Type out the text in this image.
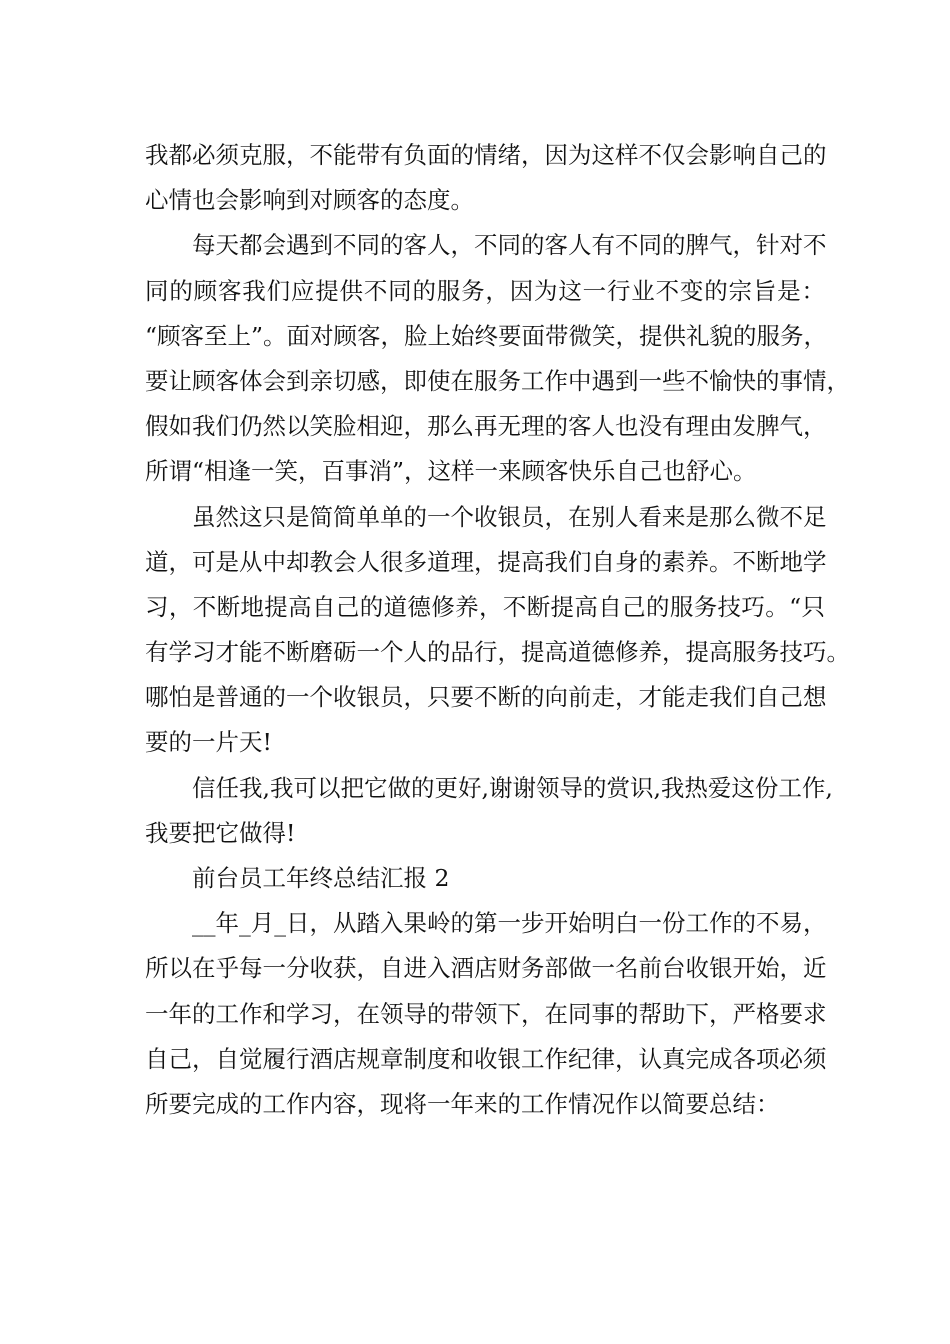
我都必须克服，不能带有负面的情绪，因为这样不仅会影响自己的
心情也会影响到对顾客的态度。
每天都会遇到不同的客人，不同的客人有不同的脾气，针对不
同的顾客我们应提供不同的服务，因为这一行业不变的宗旨是：
“顾客至上”。面对顾客，脸上始终要面带微笑，提供礼貌的服务，
要让顾客体会到亲切感，即使在服务工作中遇到一些不愉快的事情，
假如我们仍然以笑脸相迎，那么再无理的客人也没有理由发脾气，
所谓“相逢一笑，百事消”，这样一来顾客快乐自己也舒心。
虽然这只是简简单单的一个收银员，在别人看来是那么微不足
道，可是从中却教会人很多道理，提高我们自身的素养。不断地学
习，不断地提高自己的道德修养，不断提高自己的服务技巧。“只
有学习才能不断磨砺一个人的品行，提高道德修养，提高服务技巧。
哪怕是普通的一个收银员，只要不断的向前走，才能走我们自己想
要的一片天!
信任我,我可以把它做的更好,谢谢领导的赏识,我热爱这份工作,
我要把它做得!
前台员工年终总结汇报 2
__年_月_日，从踏入果岭的第一步开始明白一份工作的不易，
所以在乎每一分收获，自进入酒店财务部做一名前台收银开始，近
一年的工作和学习，在领导的带领下，在同事的帮助下，严格要求
自己，自觉履行酒店规章制度和收银工作纪律，认真完成各项必须
所要完成的工作内容，现将一年来的工作情况作以简要总结：
